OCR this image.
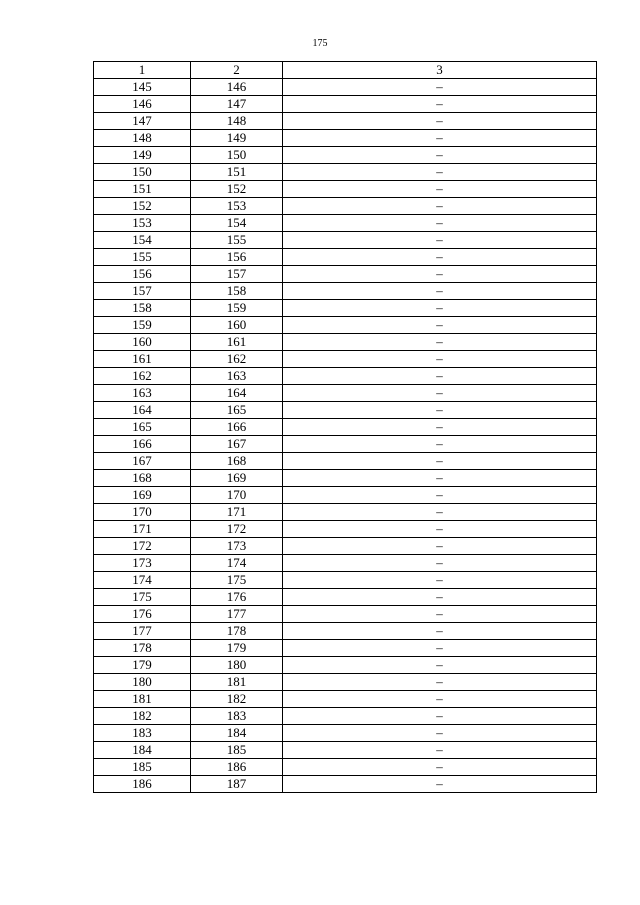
175
1	2	3
145	146	–
146	147	–
147	148	–
148	149	–
149	150	–
150	151	–
151	152	–
152	153	–
153	154	–
154	155	–
155	156	–
156	157	–
157	158	–
158	159	–
159	160	–
160	161	–
161	162	–
162	163	–
163	164	–
164	165	–
165	166	–
166	167	–
167	168	–
168	169	–
169	170	–
170	171	–
171	172	–
172	173	–
173	174	–
174	175	–
175	176	–
176	177	–
177	178	–
178	179	–
179	180	–
180	181	–
181	182	–
182	183	–
183	184	–
184	185	–
185	186	–
186	187	–
